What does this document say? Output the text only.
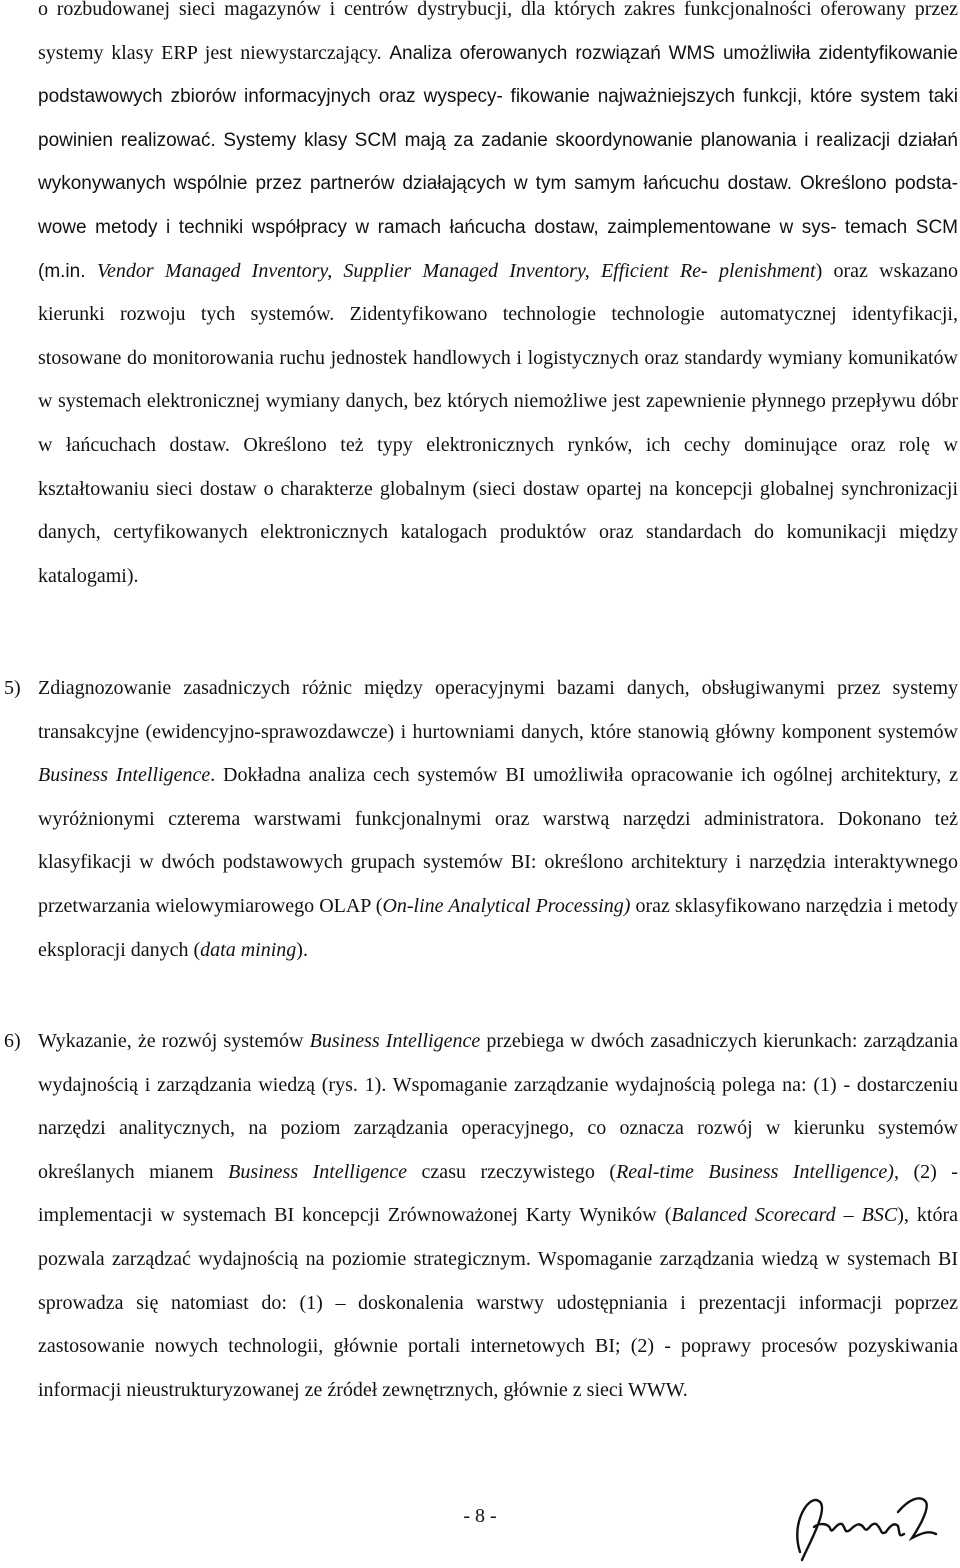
o rozbudowanej sieci magazynów i centrów dystrybucji, dla których zakres funkcjonalności oferowany przez systemy klasy ERP jest niewystarczający. Analiza oferowanych rozwiązań WMS umożliwiła zidentyfikowanie podstawowych zbiorów informacyjnych oraz wyspecy- fikowanie najważniejszych funkcji, które system taki powinien realizować. Systemy klasy SCM mają za zadanie skoordynowanie planowania i realizacji działań wykonywanych wspólnie przez partnerów działających w tym samym łańcuchu dostaw. Określono podsta- wowe metody i techniki współpracy w ramach łańcucha dostaw, zaimplementowane w sys- temach SCM (m.in. Vendor Managed Inventory, Supplier Managed Inventory, Efficient Re- plenishment) oraz wskazano kierunki rozwoju tych systemów. Zidentyfikowano technologie technologie automatycznej identyfikacji, stosowane do monitorowania ruchu jednostek handlowych i logistycznych oraz standardy wymiany komunikatów w systemach elektronicznej wymiany danych, bez których niemożliwe jest zapewnienie płynnego przepływu dóbr w łańcuchach dostaw. Określono też typy elektronicznych rynków, ich cechy dominujące oraz rolę w kształtowaniu sieci dostaw o charakterze globalnym (sieci dostaw opartej na koncepcji globalnej synchronizacji danych, certyfikowanych elektronicznych katalogach produktów oraz standardach do komunikacji między katalogami).
5) Zdiagnozowanie zasadniczych różnic między operacyjnymi bazami danych, obsługiwanymi przez systemy transakcyjne (ewidencyjno-sprawozdawcze) i hurtowniami danych, które stanowią główny komponent systemów Business Intelligence. Dokładna analiza cech systemów BI umożliwiła opracowanie ich ogólnej architektury, z wyróżnionymi czterema warstwami funkcjonalnymi oraz warstwą narzędzi administratora. Dokonano też klasyfikacji w dwóch podstawowych grupach systemów BI: określono architektury i narzędzia interaktywnego przetwarzania wielowymiarowego OLAP (On-line Analytical Processing) oraz sklasyfikowano narzędzia i metody eksploracji danych (data mining).
6) Wykazanie, że rozwój systemów Business Intelligence przebiega w dwóch zasadniczych kierunkach: zarządzania wydajnością i zarządzania wiedzą (rys. 1). Wspomaganie zarządzanie wydajnością polega na: (1) - dostarczeniu narzędzi analitycznych, na poziom zarządzania operacyjnego, co oznacza rozwój w kierunku systemów określanych mianem Business Intelligence czasu rzeczywistego (Real-time Business Intelligence), (2) - implementacji w systemach BI koncepcji Zrównoważonej Karty Wyników (Balanced Scorecard – BSC), która pozwala zarządzać wydajnością na poziomie strategicznym. Wspomaganie zarządzania wiedzą w systemach BI sprowadza się natomiast do: (1) – doskonalenia warstwy udostępniania i prezentacji informacji poprzez zastosowanie nowych technologii, głównie portali internetowych BI; (2) - poprawy procesów pozyskiwania informacji nieustrukturyzowanej ze źródeł zewnętrznych, głównie z sieci WWW.
- 8 -
